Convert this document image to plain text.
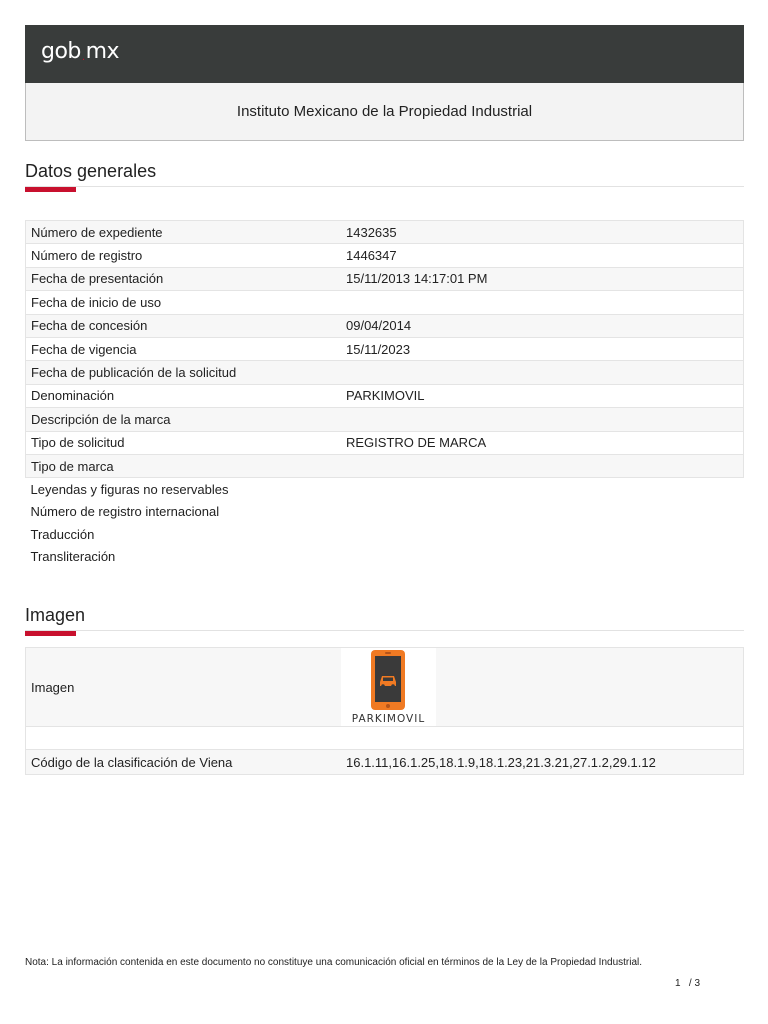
gob.mx
Instituto Mexicano de la Propiedad Industrial
Datos generales
Número de expediente	1432635
Número de registro	1446347
Fecha de presentación	15/11/2013 14:17:01 PM
Fecha de inicio de uso	
Fecha de concesión	09/04/2014
Fecha de vigencia	15/11/2023
Fecha de publicación de la solicitud	
Denominación	PARKIMOVIL
Descripción de la marca	
Tipo de solicitud	REGISTRO DE MARCA
Tipo de marca	
Leyendas y figuras no reservables	
Número de registro internacional	
Traducción	
Transliteración	
Imagen
Imagen	PARKIMOVIL

Código de la clasificación de Viena	16.1.11,16.1.25,18.1.9,18.1.23,21.3.21,27.1.2,29.1.12
Nota: La información contenida en este documento no constituye una comunicación oficial en términos de la Ley de la Propiedad Industrial.
1   / 3
